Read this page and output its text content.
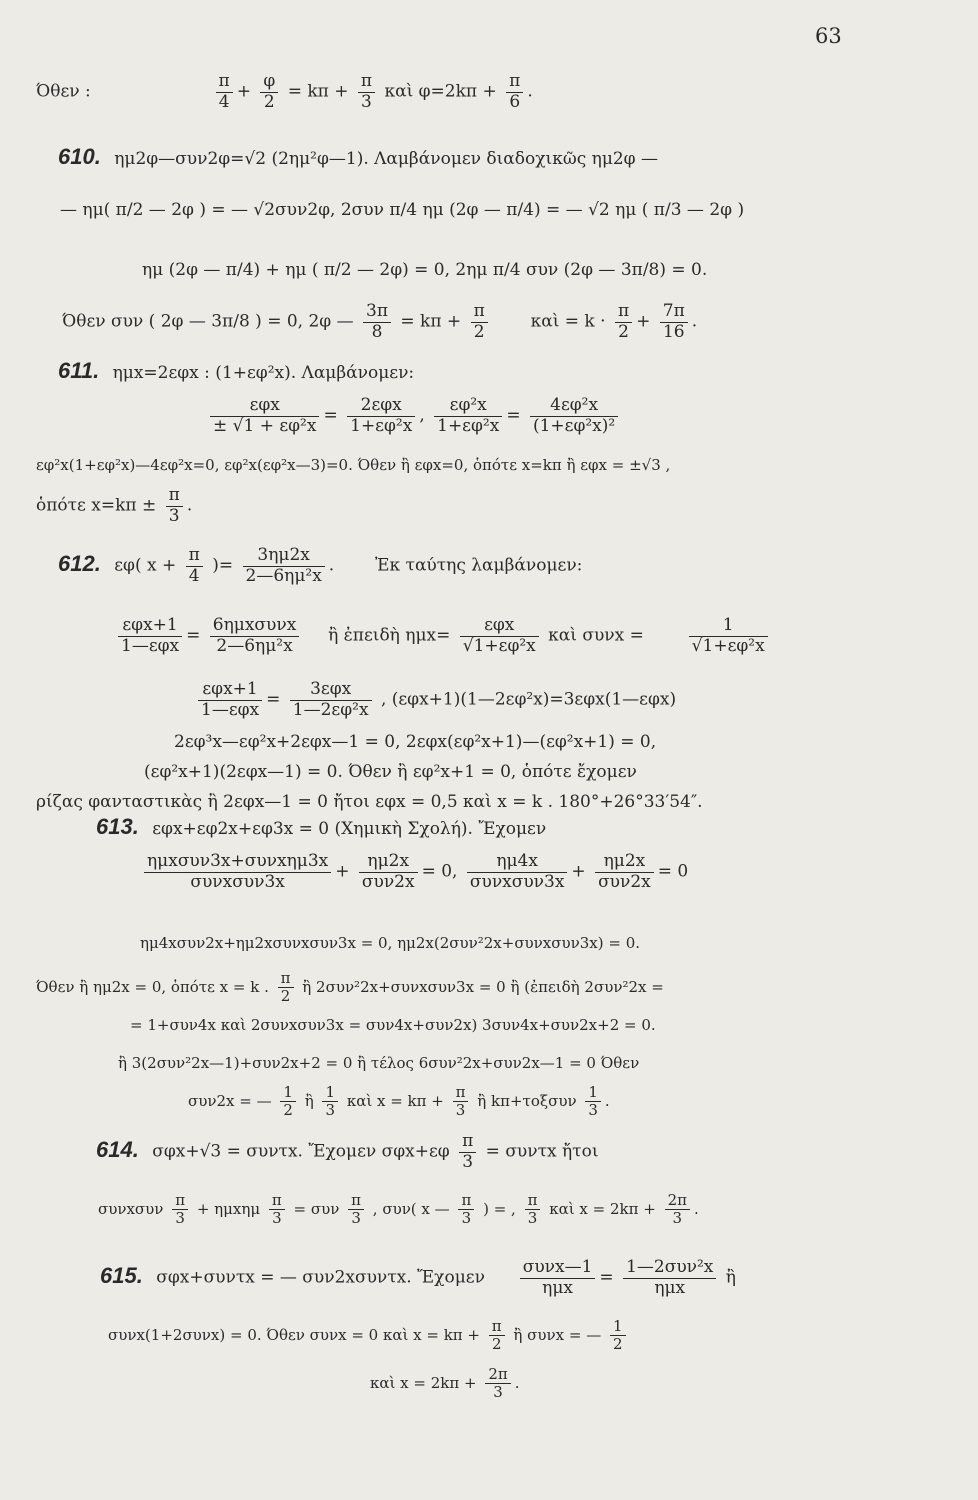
63
Όθεν :	$\frac{\pi}{4} + \frac{\varphi}{2} = k\pi + \frac{\pi}{3}$ καὶ $\varphi=2k\pi + \frac{\pi}{6}$ .
610. ημ2φ—συν2φ=√2 (2ημ²φ—1). Λαμβάνομεν διαδοχικῶς ημ2φ —
— ημ( π/2 — 2φ ) = — √2συν2φ, 2συν π/4 ημ (2φ — π/4) = — √2 ημ ( π/3 — 2φ )
ημ (2φ — π/4) + ημ ( π/2 — 2φ) = 0, 2ημ π/4 συν (2φ — 3π/8) = 0.
Όθεν συν ( 2φ — 3π/8 ) = 0, 2φ — $\frac{3\pi}{8} = k\pi + \frac{\pi}{2}$	καὶ = $k \cdot \frac{\pi}{2} + \frac{7\pi}{16}$ .
611. ημx=2εφx : (1+εφ²x). Λαμβάνομεν:
εφx
± √1 + εφ²x =
2εφx
1+εφ²x , $\frac{\text{εφ²x}}{\text{1+εφ²x}} = \frac{\text{4εφ²x}}{\text{(1+εφ²x)²}}$
εφ²x(1+εφ²x)—4εφ²x=0, εφ²x(εφ²x—3)=0. Όθεν ἢ εφx=0, ὁπότε x=kπ ἢ εφx = ±√3 ,
ὁπότε $x=k\pi \pm \frac{\pi}{3}$ .
612. εφ( $x + \frac{\pi}{4}$ )= $\frac{3\eta\mu 2x}{\text{2—6ημ²x}}$ .  Ἐκ ταύτης λαμβάνομεν:
εφx+1
1—εφx =
6ημxσυνx
2—6ημ²x	ἢ ἐπειδὴ ημx=
εφx
√1+εφ²x καὶ συνx =	$\frac{1}{\text{√1+εφ²x}}$
εφx+1
1—εφx =
3εφx
1—2εφ²x , (εφx+1)(1—2εφ²x)=3εφx(1—εφx)
2εφ³x—εφ²x+2εφx—1 = 0, 2εφx(εφ²x+1)—(εφ²x+1) = 0,
(εφ²x+1)(2εφx—1) = 0. Όθεν ἢ εφ²x+1 = 0, ὁπότε ἔχομεν
ρίζας φανταστικὰς ἢ 2εφx—1 = 0 ἤτοι εφx = 0,5 καὶ x = k . 180°+26°33′54″.
613. εφx+εφ2x+εφ3x = 0 (Χημικὴ Σχολή). Ἔχομεν
ημxσυν3x+συνxημ3x
συνxσυν3x	+
ημ2x
συν2x = 0,
ημ4x
συνxσυν3x +
ημ2x
συν2x = 0
ημ4xσυν2x+ημ2xσυνxσυν3x = 0, ημ2x(2συν²2x+συνxσυν3x) = 0.
Όθεν ἢ ημ2x = 0, ὁπότε x = k . $\frac{\pi}{2}$ ἢ 2συν²2x+συνxσυν3x = 0 ἢ (ἐπειδὴ 2συν²2x =
= 1+συν4x καὶ 2συνxσυν3x = συν4x+συν2x) 3συν4x+συν2x+2 = 0.
ἢ 3(2συν²2x—1)+συν2x+2 = 0 ἢ τέλος 6συν²2x+συν2x—1 = 0 Όθεν
συν2x = — $\frac{1}{2}$ ἢ $\frac{1}{3}$ καὶ $x = k\pi + \frac{\pi}{3}$ ἢ $k\pi+\tau o\xi\sigma\upsilon\nu \frac{1}{3}$ .
614. σφx+√3 = συντx. Ἔχομεν $\sigma\varphi x+\varepsilon\varphi \frac{\pi}{3} = \sigma\upsilon\nu\tau x$ ἤτοι
συνxσυν $\frac{\pi}{3} + \eta\mu x\eta\mu \frac{\pi}{3} = \sigma\upsilon\nu \frac{\pi}{3}$ , συν( x — $\frac{\pi}{3}$ ) = , $\frac{\pi}{3}$ καὶ $x = 2k\pi + \frac{2\pi}{3}$ .
615. σφx+συντx = — συν2xσυντx. Ἔχομεν
συνx—1
ημx	=
1—2συν²x
ημx	ἢ
συνx(1+2συνx) = 0. Όθεν συνx = 0 καὶ $x = k\pi + \frac{\pi}{2}$ ἢ συνx = — $\frac{1}{2}$
καὶ $x = 2k\pi + \frac{2\pi}{3}$ .
